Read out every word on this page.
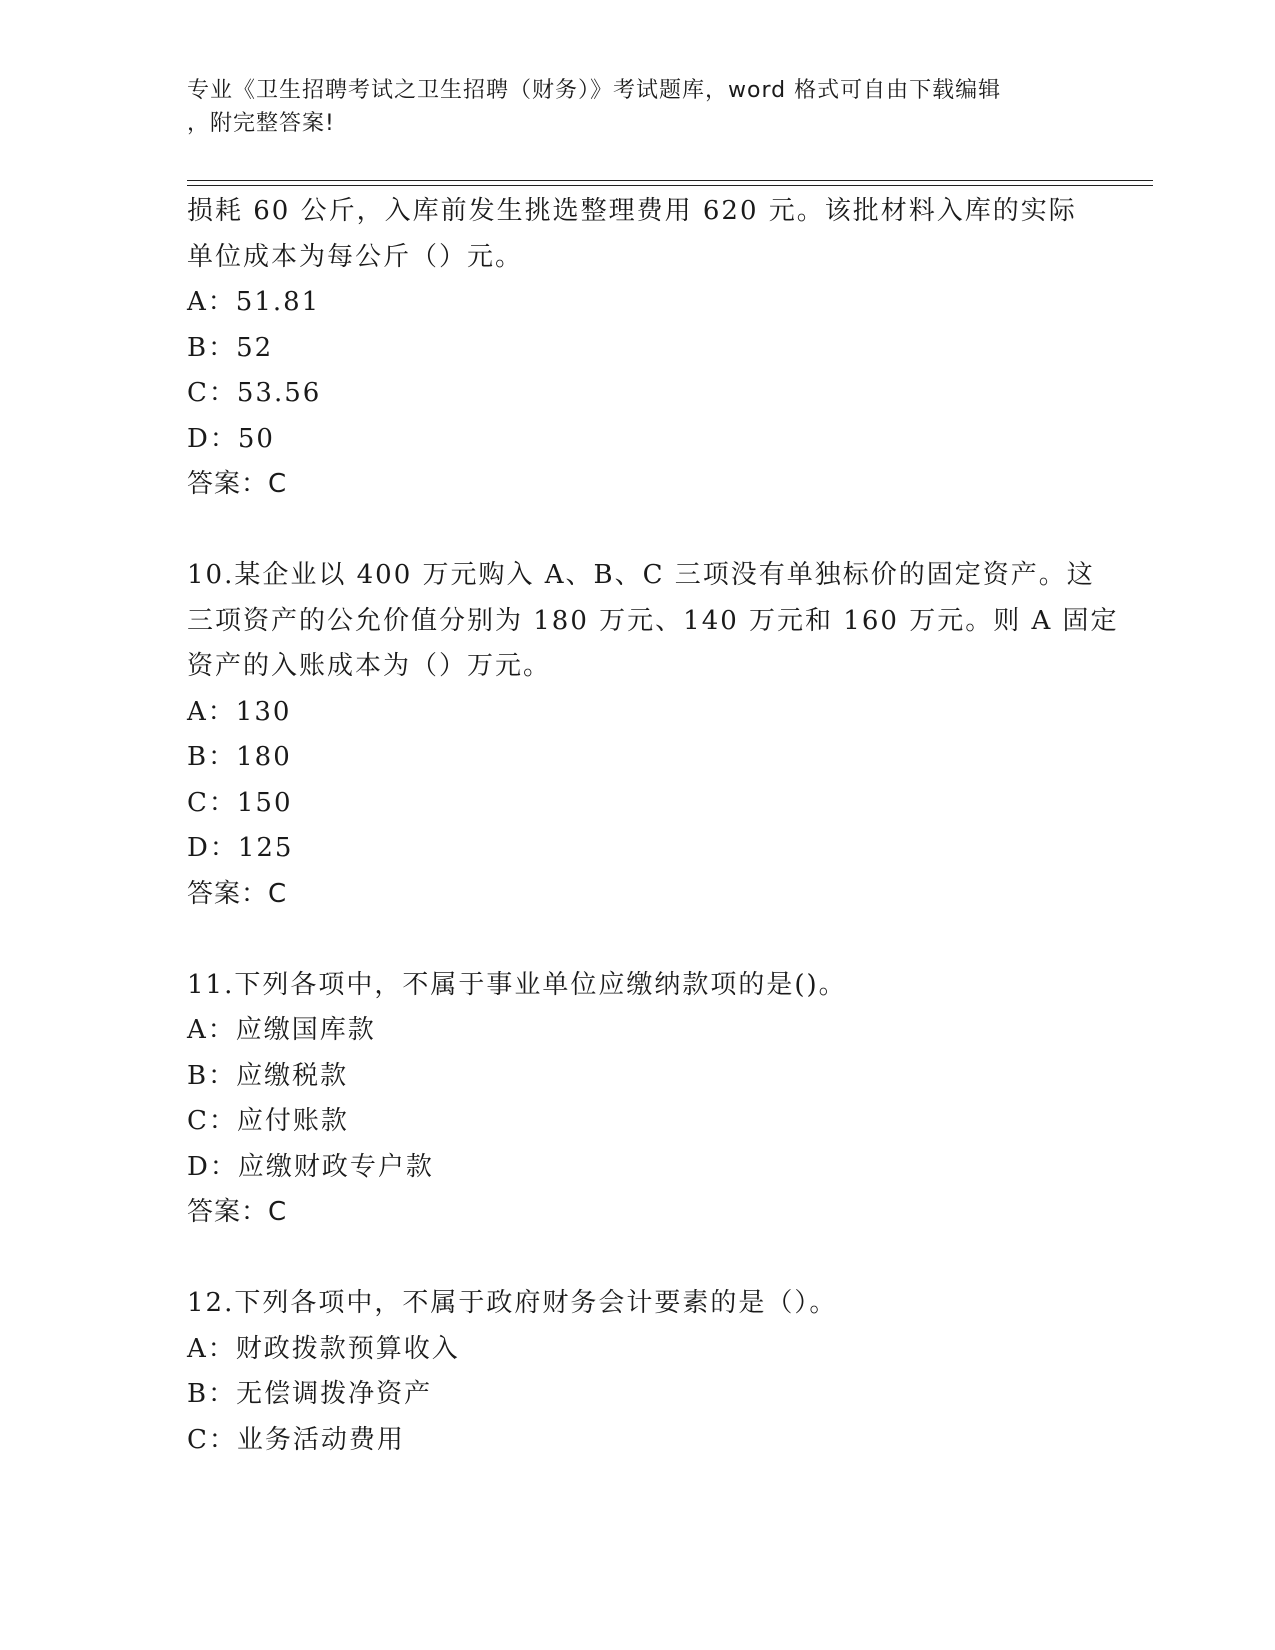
专业《卫生招聘考试之卫生招聘（财务）》考试题库，word 格式可自由下载编辑
，附完整答案!
损耗 60 公斤，入库前发生挑选整理费用 620 元。该批材料入库的实际
单位成本为每公斤（）元。
A：51.81
B：52
C：53.56
D：50
答案：C
10.某企业以 400 万元购入 A、B、C 三项没有单独标价的固定资产。这
三项资产的公允价值分别为 180 万元、140 万元和 160 万元。则 A 固定
资产的入账成本为（）万元。
A：130
B：180
C：150
D：125
答案：C
11.下列各项中，不属于事业单位应缴纳款项的是()。
A：应缴国库款
B：应缴税款
C：应付账款
D：应缴财政专户款
答案：C
12.下列各项中，不属于政府财务会计要素的是（）。
A：财政拨款预算收入
B：无偿调拨净资产
C：业务活动费用
